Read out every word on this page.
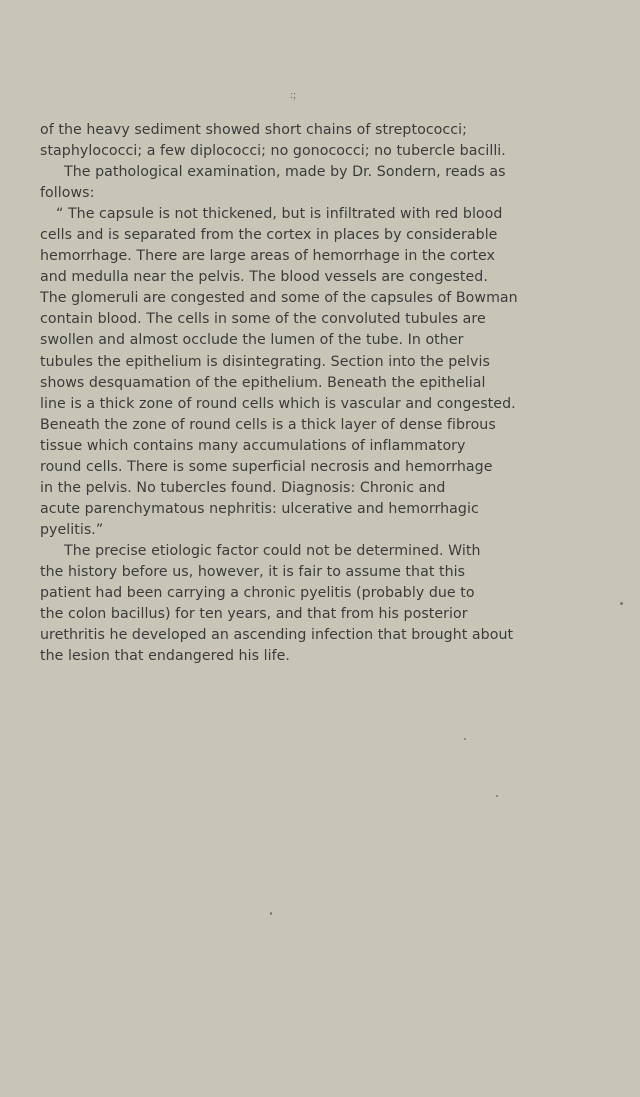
:;
of the heavy sediment showed short chains of streptococci;
staphylococci; a few diplococci; no gonococci; no tubercle bacilli.
The pathological examination, made by Dr. Sondern, reads as
follows:
“ The capsule is not thickened, but is infiltrated with red blood
cells and is separated from the cortex in places by considerable
hemorrhage. There are large areas of hemorrhage in the cortex
and medulla near the pelvis. The blood vessels are congested.
The glomeruli are congested and some of the capsules of Bowman
contain blood. The cells in some of the convoluted tubules are
swollen and almost occlude the lumen of the tube. In other
tubules the epithelium is disintegrating. Section into the pelvis
shows desquamation of the epithelium. Beneath the epithelial
line is a thick zone of round cells which is vascular and congested.
Beneath the zone of round cells is a thick layer of dense fibrous
tissue which contains many accumulations of inflammatory
round cells. There is some superficial necrosis and hemorrhage
in the pelvis. No tubercles found. Diagnosis: Chronic and
acute parenchymatous nephritis: ulcerative and hemorrhagic
pyelitis.”
The precise etiologic factor could not be determined. With
the history before us, however, it is fair to assume that this
patient had been carrying a chronic pyelitis (probably due to
the colon bacillus) for ten years, and that from his posterior
urethritis he developed an ascending infection that brought about
the lesion that endangered his life.
